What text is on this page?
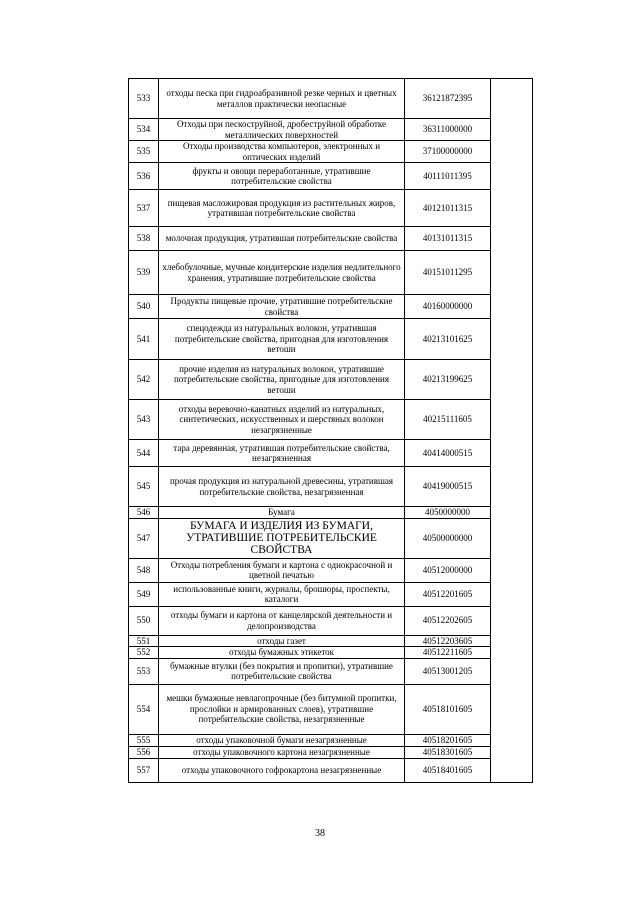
533	отходы песка при гидроабразивной резке черных и цветных металлов практически неопасные	36121872395	
534	Отходы при пескоструйной, дробеструйной обработке металлических поверхностей	36311000000	
535	Отходы производства компьютеров, электронных и оптических изделий	37100000000	
536	фрукты и овощи переработанные, утратившие потребительские свойства	40111011395	
537	пищевая масложировая продукция из растительных жиров, утратившая потребительские свойства	40121011315	
538	молочная продукция, утратившая потребительские свойства	40131011315	
539	хлебобулочные, мучные кондитерские изделия недлительного хранения, утратившие потребительские свойства	40151011295	
540	Продукты пищевые прочие, утратившие потребительские свойства	40160000000	
541	спецодежда из натуральных волокон, утратившая потребительские свойства, пригодная для изготовления ветоши	40213101625	
542	прочие изделия из натуральных волокон, утратившие потребительские свойства, пригодные для изготовления ветоши	40213199625	
543	отходы веревочно-канатных изделий из натуральных, синтетических, искусственных и шерстяных волокон незагрязненные	40215111605	
544	тара деревянная, утратившая потребительские свойства, незагрязненная	40414000515	
545	прочая продукция из натуральной древесины, утратившая потребительские свойства, незагрязненная	40419000515	
546	Бумага	4050000000	
547	БУМАГА И ИЗДЕЛИЯ ИЗ БУМАГИ, УТРАТИВШИЕ ПОТРЕБИТЕЛЬСКИЕ СВОЙСТВА	40500000000	
548	Отходы потребления бумаги и картона с однокрасочной и цветной печатью	40512000000	
549	использованные книги, журналы, брошюры, проспекты, каталоги	40512201605	
550	отходы бумаги и картона от канцелярской деятельности и делопроизводства	40512202605	
551	отходы газет	40512203605	
552	отходы бумажных этикеток	40512211605	
553	бумажные втулки (без покрытия и пропитки), утратившие потребительские свойства	40513001205	
554	мешки бумажные невлагопрочные (без битумной пропитки, прослойки и армированных слоев), утратившие потребительские свойства, незагрязненные	40518101605	
555	отходы упаковочной бумаги незагрязненные	40518201605	
556	отходы упаковочного картона незагрязненные	40518301605	
557	отходы упаковочного гофрокартона незагрязненные	40518401605	
38
